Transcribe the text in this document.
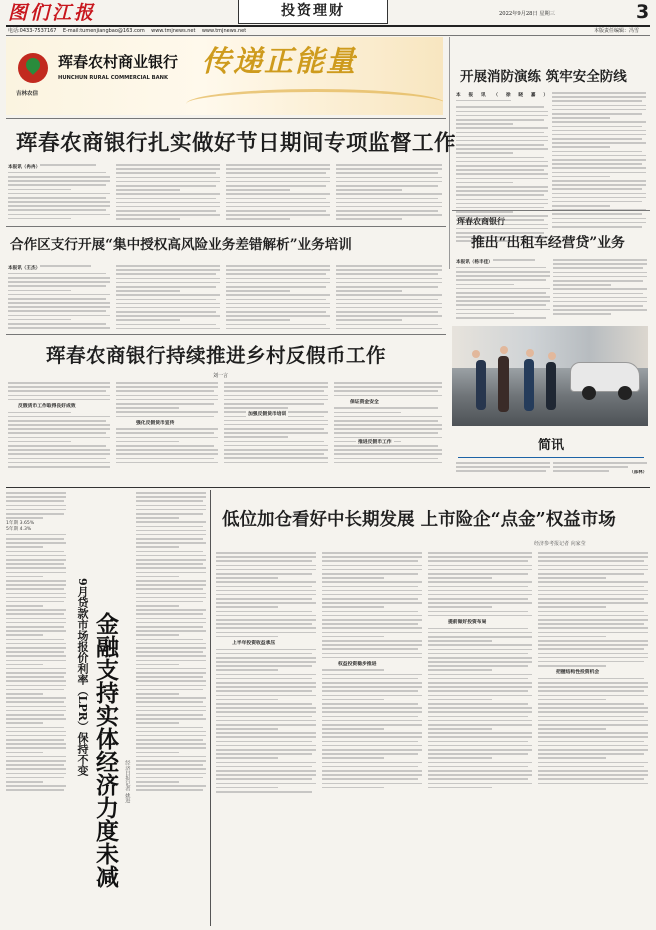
图们江报	投资理财	2022年9月28日 星期三	3
电话:0433-7537167 E-mail:tumenjiangbao@163.com www.tmjnews.net www.tmjnews.net	本版责任编辑：冯雪
吉林农信
珲春农村商业银行
HUNCHUN RURAL COMMERCIAL BANK 传递正能量	开展消防演练 筑牢安全防线
本报讯（徐晓嘉）
珲春农商银行扎实做好节日期间专项监督工作
本报讯（冉冉）
合作区支行开展“集中授权高风险业务差错解析”业务培训
本报讯（王杰）
珲春农商银行
推出“出租车经营贷”业务
本报讯（杨丰佳）
珲春农商银行持续推进乡村反假币工作
刘一言
反假货币工作取得良好成效
强化反假货币宣传
保证资金安全
简讯
（邵林）
1年期 3.65%
5年期 4.3%
9月贷款市场报价利率（LPR）保持不变 金融支持实体经济力度未减 经济日报记者 姚进
低位加仓看好中长期发展 上市险企“点金”权益市场
经济参考报记者 向家莹
上半年投资收益承压
权益投资稳步推进
提前做好投资布局
把握结构性投资机会
加强反假货币培训
推进反假币工作
